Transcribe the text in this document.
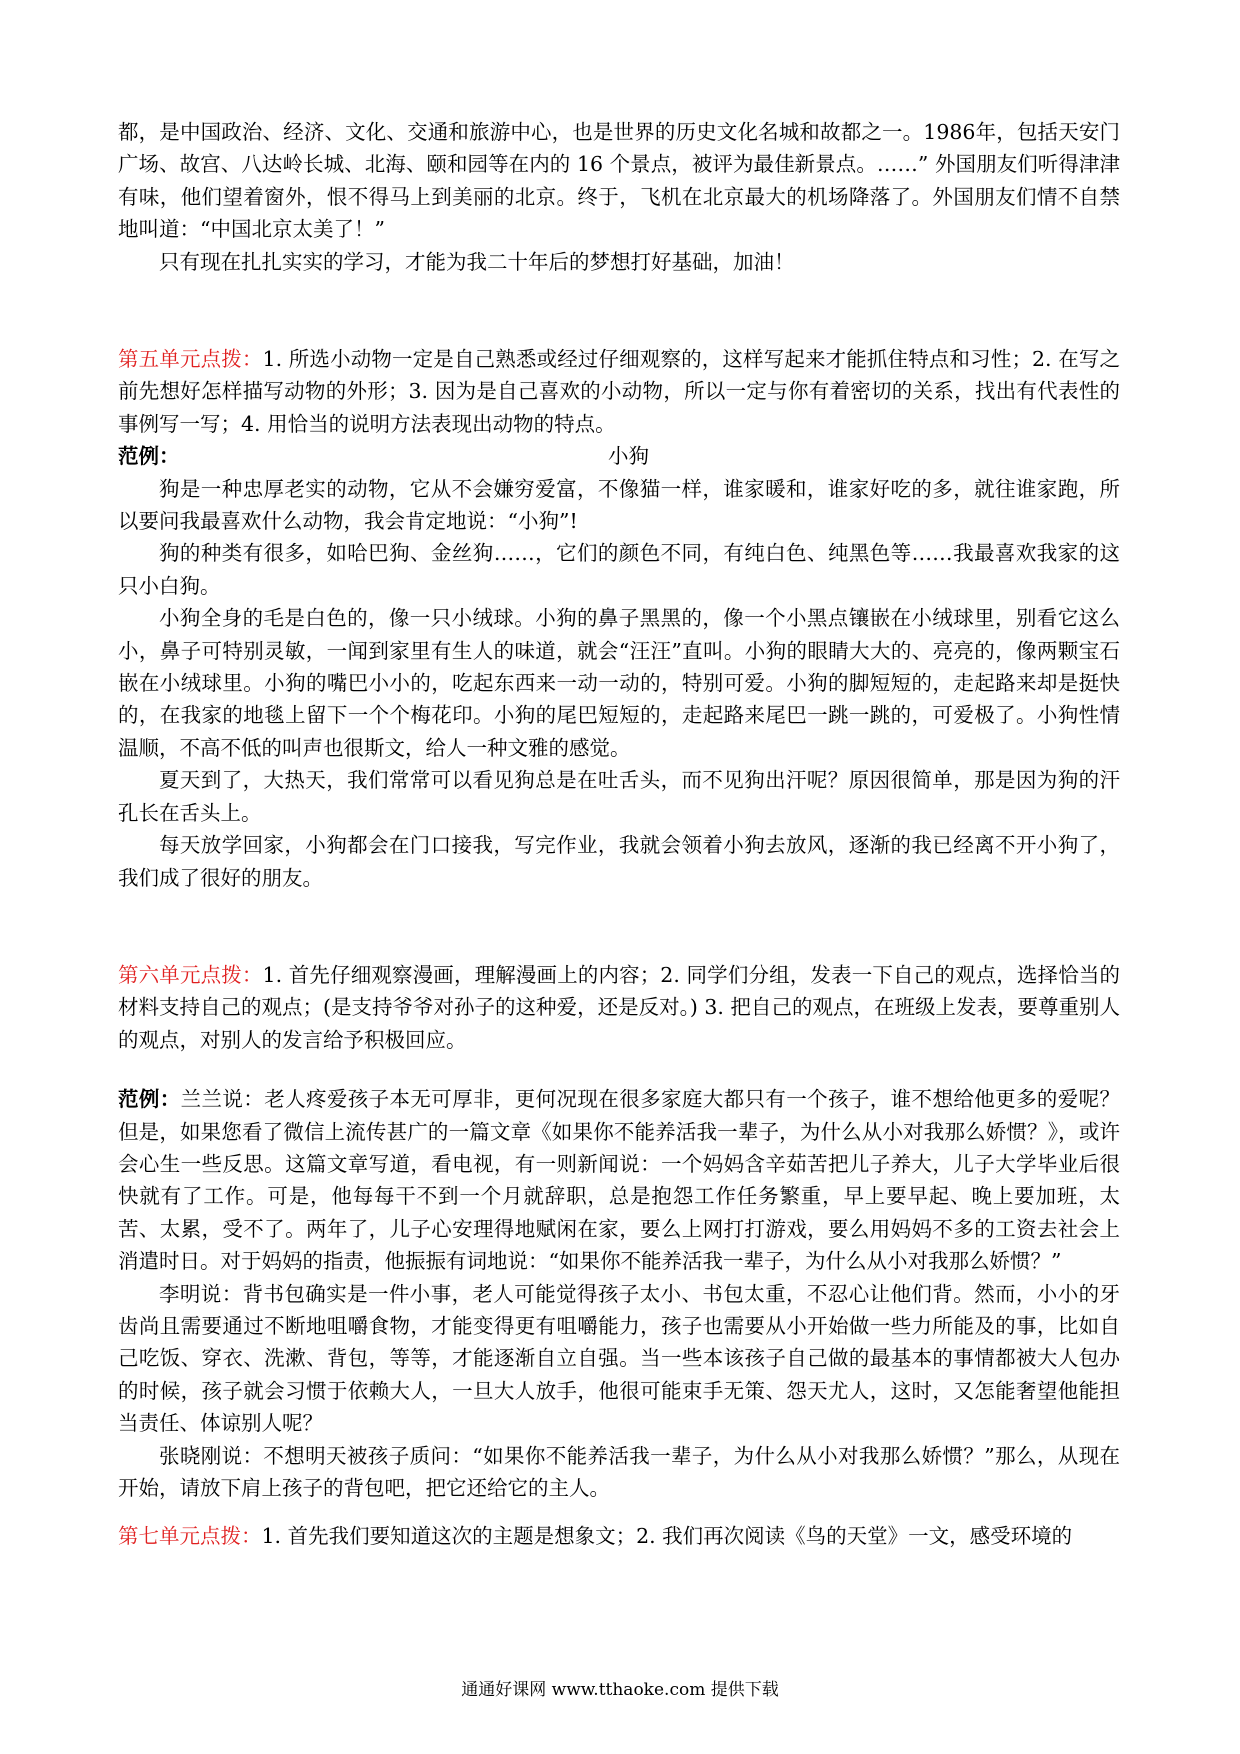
都，是中国政治、经济、文化、交通和旅游中心，也是世界的历史文化名城和故都之一。1986年，包括天安门广场、故宫、八达岭长城、北海、颐和园等在内的 16 个景点，被评为最佳新景点。……” 外国朋友们听得津津有味，他们望着窗外，恨不得马上到美丽的北京。终于，飞机在北京最大的机场降落了。外国朋友们情不自禁地叫道：“中国北京太美了！”

只有现在扎扎实实的学习，才能为我二十年后的梦想打好基础，加油！

第五单元点拨：1. 所选小动物一定是自己熟悉或经过仔细观察的，这样写起来才能抓住特点和习性；2. 在写之前先想好怎样描写动物的外形；3. 因为是自己喜欢的小动物，所以一定与你有着密切的关系，找出有代表性的事例写一写；4. 用恰当的说明方法表现出动物的特点。

范例：	小狗

狗是一种忠厚老实的动物，它从不会嫌穷爱富，不像猫一样，谁家暖和，谁家好吃的多，就往谁家跑，所以要问我最喜欢什么动物，我会肯定地说：“小狗”!

狗的种类有很多，如哈巴狗、金丝狗……，它们的颜色不同，有纯白色、纯黑色等……我最喜欢我家的这只小白狗。

小狗全身的毛是白色的，像一只小绒球。小狗的鼻子黑黑的，像一个小黑点镶嵌在小绒球里，别看它这么小，鼻子可特别灵敏，一闻到家里有生人的味道，就会“汪汪”直叫。小狗的眼睛大大的、亮亮的，像两颗宝石嵌在小绒球里。小狗的嘴巴小小的，吃起东西来一动一动的，特别可爱。小狗的脚短短的，走起路来却是挺快的，在我家的地毯上留下一个个梅花印。小狗的尾巴短短的，走起路来尾巴一跳一跳的，可爱极了。小狗性情温顺，不高不低的叫声也很斯文，给人一种文雅的感觉。

夏天到了，大热天，我们常常可以看见狗总是在吐舌头，而不见狗出汗呢？原因很简单，那是因为狗的汗孔长在舌头上。

每天放学回家，小狗都会在门口接我，写完作业，我就会领着小狗去放风，逐渐的我已经离不开小狗了，我们成了很好的朋友。

第六单元点拨：1. 首先仔细观察漫画，理解漫画上的内容；2. 同学们分组，发表一下自己的观点，选择恰当的材料支持自己的观点；(是支持爷爷对孙子的这种爱，还是反对。) 3. 把自己的观点，在班级上发表，要尊重别人的观点，对别人的发言给予积极回应。

范例：兰兰说：老人疼爱孩子本无可厚非，更何况现在很多家庭大都只有一个孩子，谁不想给他更多的爱呢？但是，如果您看了微信上流传甚广的一篇文章《如果你不能养活我一辈子，为什么从小对我那么娇惯？》，或许会心生一些反思。这篇文章写道，看电视，有一则新闻说：一个妈妈含辛茹苦把儿子养大，儿子大学毕业后很快就有了工作。可是，他每每干不到一个月就辞职，总是抱怨工作任务繁重，早上要早起、晚上要加班，太苦、太累，受不了。两年了，儿子心安理得地赋闲在家，要么上网打打游戏，要么用妈妈不多的工资去社会上消遣时日。对于妈妈的指责，他振振有词地说：“如果你不能养活我一辈子，为什么从小对我那么娇惯？”

李明说：背书包确实是一件小事，老人可能觉得孩子太小、书包太重，不忍心让他们背。然而，小小的牙齿尚且需要通过不断地咀嚼食物，才能变得更有咀嚼能力，孩子也需要从小开始做一些力所能及的事，比如自己吃饭、穿衣、洗漱、背包，等等，才能逐渐自立自强。当一些本该孩子自己做的最基本的事情都被大人包办的时候，孩子就会习惯于依赖大人，一旦大人放手，他很可能束手无策、怨天尤人，这时，又怎能奢望他能担当责任、体谅别人呢？

张晓刚说：不想明天被孩子质问：“如果你不能养活我一辈子，为什么从小对我那么娇惯？”那么，从现在开始，请放下肩上孩子的背包吧，把它还给它的主人。

第七单元点拨：1. 首先我们要知道这次的主题是想象文；2. 我们再次阅读《鸟的天堂》一文，感受环境的

通通好课网 www.tthaoke.com 提供下载
